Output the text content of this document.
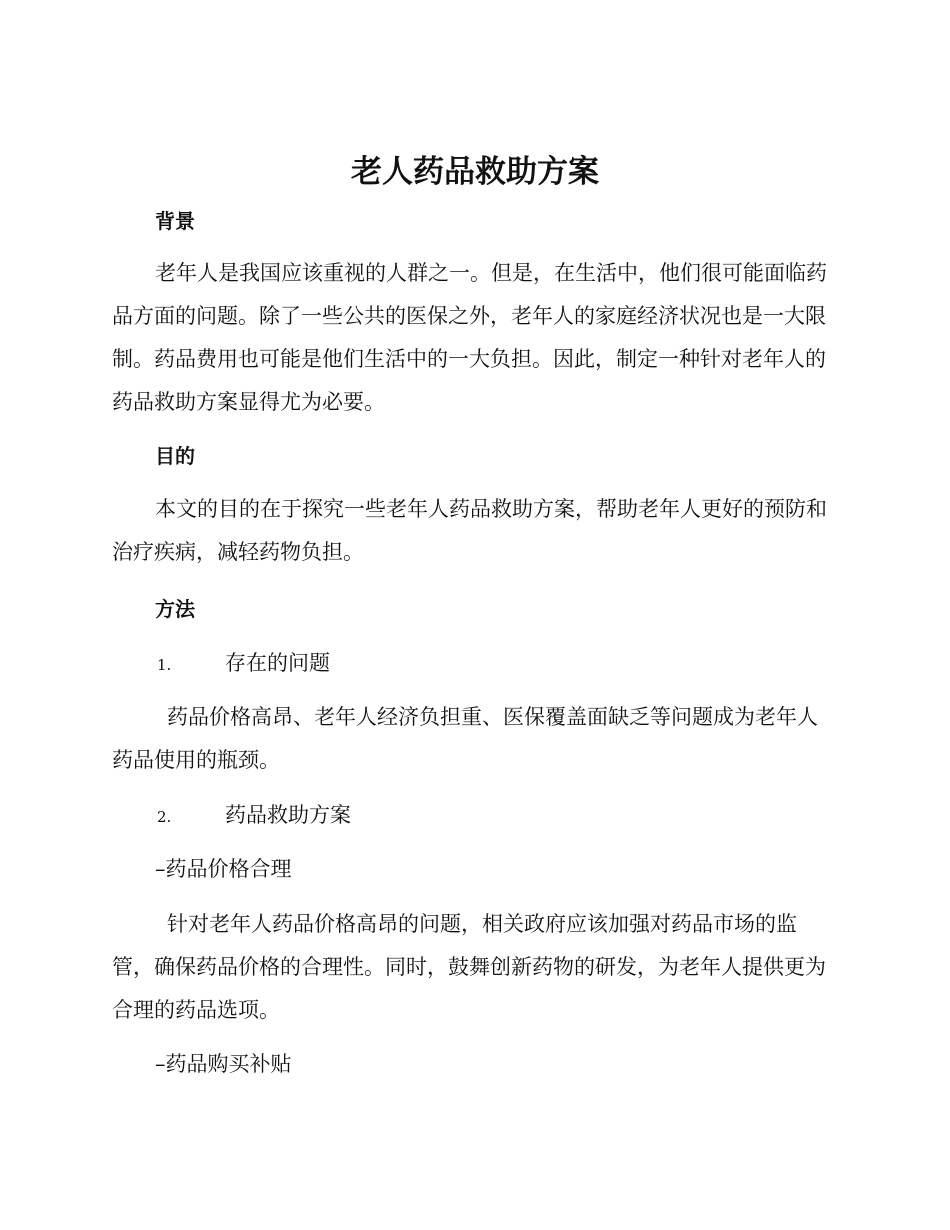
老人药品救助方案
背景

老年人是我国应该重视的人群之一。但是，在生活中，他们很可能面临药品方面的问题。除了一些公共的医保之外，老年人的家庭经济状况也是一大限制。药品费用也可能是他们生活中的一大负担。因此，制定一种针对老年人的药品救助方案显得尤为必要。

目的

本文的目的在于探究一些老年人药品救助方案，帮助老年人更好的预防和治疗疾病，减轻药物负担。

方法
1.	存在的问题

药品价格高昂、老年人经济负担重、医保覆盖面缺乏等问题成为老年人药品使用的瓶颈。

2.	药品救助方案
–药品价格合理

针对老年人药品价格高昂的问题，相关政府应该加强对药品市场的监管，确保药品价格的合理性。同时，鼓舞创新药物的研发，为老年人提供更为合理的药品选项。

–药品购买补贴
